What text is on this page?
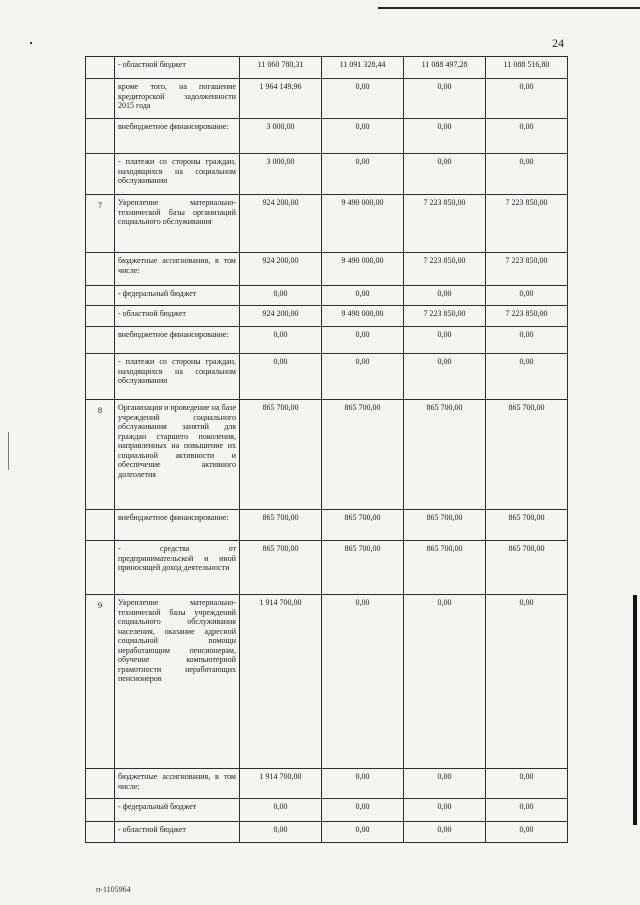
24
	- областной бюджет	11 060 780,31	11 091 328,44	11 088 497,28	11 088 516,80
	кроме того, на погашение кредиторской задолженности 2015 года	1 964 149,96	0,00	0,00	0,00
	внебюджетное финансирование:	3 000,00	0,00	0,00	0,00
	- платежи со стороны граждан, находящихся на социальном обслуживании	3 000,00	0,00	0,00	0,00
7	Укрепление материально-технической базы организаций социального обслуживания	924 200,00	9 490 000,00	7 223 850,00	7 223 850,00
	бюджетные ассигнования, в том числе:	924 200,00	9 490 000,00	7 223 850,00	7 223 850,00
	- федеральный бюджет	0,00	0,00	0,00	0,00
	- областной бюджет	924 200,00	9 490 000,00	7 223 850,00	7 223 850,00
	внебюджетное финансирование:	0,00	0,00	0,00	0,00
	- платежи со стороны граждан, находящихся на социальном обслуживании	0,00	0,00	0,00	0,00
8	Организация и проведение на базе учреждений социального обслуживания занятий для граждан старшего поколения, направленных на повышение их социальной активности и обеспечение активного долголетия	865 700,00	865 700,00	865 700,00	865 700,00
	внебюджетное финансирование:	865 700,00	865 700,00	865 700,00	865 700,00
	- средства от предпринимательской и иной приносящей доход деятельности	865 700,00	865 700,00	865 700,00	865 700,00
9	Укрепление материально-технической базы учреждений социального обслуживания населения, оказание адресной социальной помощи неработающим пенсионерам, обучение компьютерной грамотности неработающих пенсионеров	1 914 700,00	0,00	0,00	0,00
	бюджетные ассигнования, в том числе:	1 914 700,00	0,00	0,00	0,00
	- федеральный бюджет	0,00	0,00	0,00	0,00
	- областной бюджет	0,00	0,00	0,00	0,00
п-1105964
